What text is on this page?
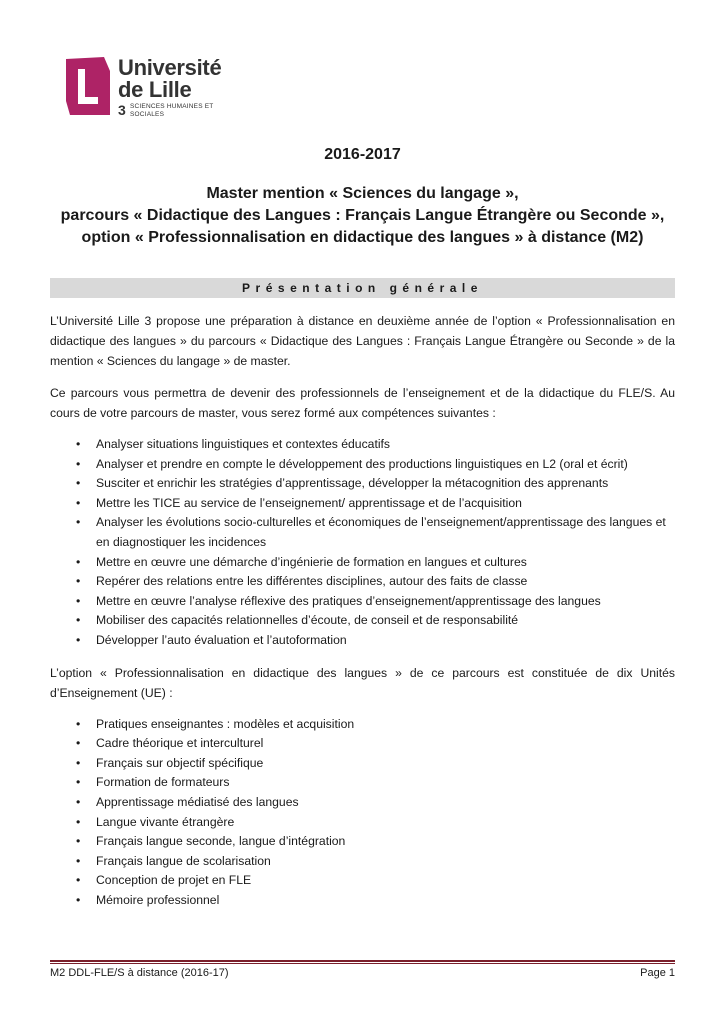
Université
de Lille
3 SCIENCES HUMAINES ET SOCIALES
2016-2017
Master mention « Sciences du langage »,
parcours « Didactique des Langues : Français Langue Étrangère ou Seconde »,
option « Professionnalisation en didactique des langues » à distance (M2)
Présentation générale

L’Université Lille 3 propose une préparation à distance en deuxième année de l’option « Professionnalisation en didactique des langues » du parcours « Didactique des Langues : Français Langue Étrangère ou Seconde » de la mention « Sciences du langage » de master.

Ce parcours vous permettra de devenir des professionnels de l’enseignement et de la didactique du FLE/S. Au cours de votre parcours de master, vous serez formé aux compétences suivantes :

• Analyser situations linguistiques et contextes éducatifs
• Analyser et prendre en compte le développement des productions linguistiques en L2 (oral et écrit)
• Susciter et enrichir les stratégies d’apprentissage, développer la métacognition des apprenants
• Mettre les TICE au service de l’enseignement/ apprentissage et de l’acquisition
• Analyser les évolutions socio-culturelles et économiques de l’enseignement/apprentissage des langues et en diagnostiquer les incidences
• Mettre en œuvre une démarche d’ingénierie de formation en langues et cultures
• Repérer des relations entre les différentes disciplines, autour des faits de classe
• Mettre en œuvre l’analyse réflexive des pratiques d’enseignement/apprentissage des langues
• Mobiliser des capacités relationnelles d’écoute, de conseil et de responsabilité
• Développer l’auto évaluation et l’autoformation

L’option « Professionnalisation en didactique des langues » de ce parcours est constituée de dix Unités d’Enseignement (UE) :

• Pratiques enseignantes : modèles et acquisition
• Cadre théorique et interculturel
• Français sur objectif spécifique
• Formation de formateurs
• Apprentissage médiatisé des langues
• Langue vivante étrangère
• Français langue seconde, langue d’intégration
• Français langue de scolarisation
• Conception de projet en FLE
• Mémoire professionnel
M2 DDL-FLE/S à distance (2016-17)	Page 1
